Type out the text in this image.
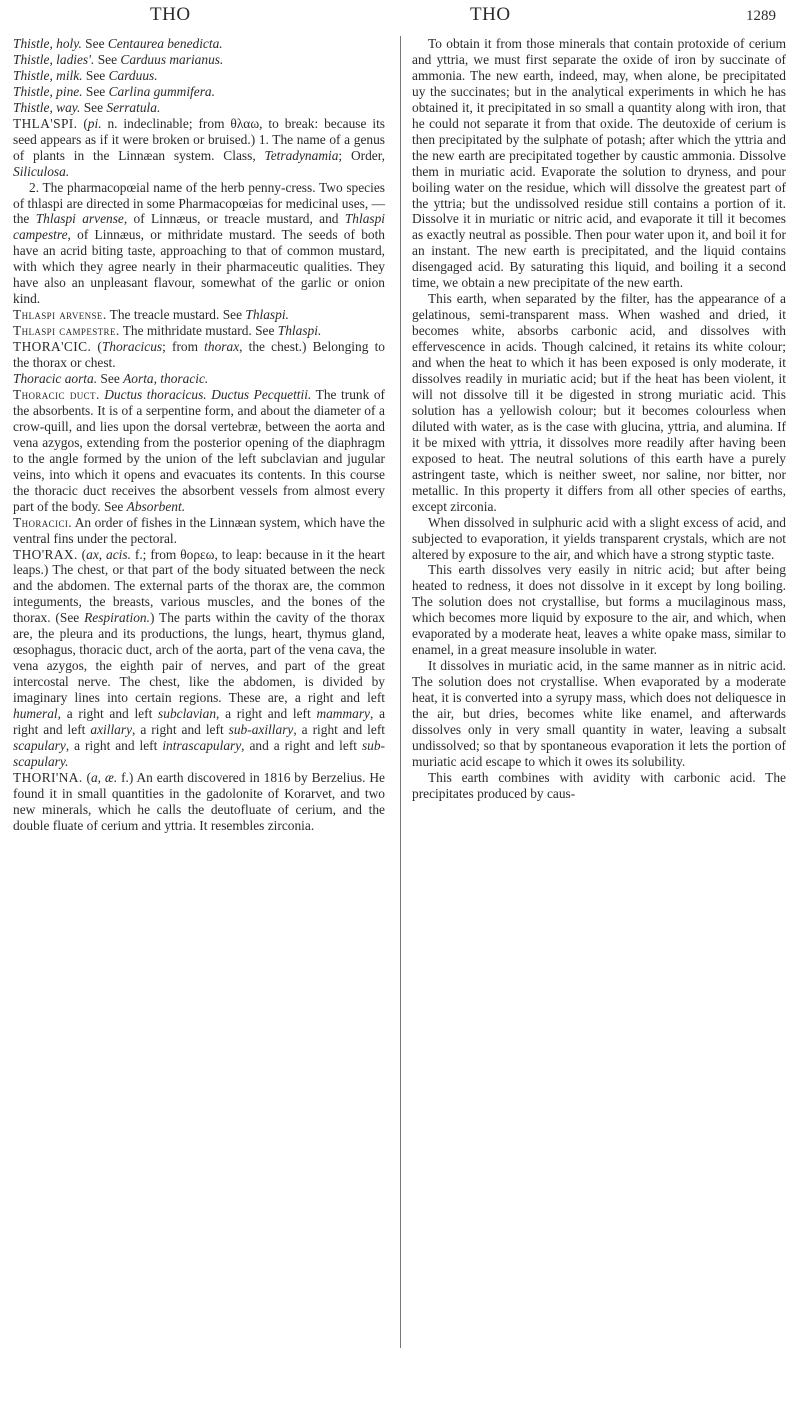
THO	THO	1289

Thistle, holy. See Centaurea benedicta.

Thistle, ladies'. See Carduus marianus.

Thistle, milk. See Carduus.

Thistle, pine. See Carlina gummifera.

Thistle, way. See Serratula.

THLA'SPI. (pi. n. indeclinable; from θλαω, to break: because its seed appears as if it were broken or bruised.) 1. The name of a genus of plants in the Linnæan system. Class, Tetradynamia; Order, Siliculosa.

2. The pharmacopœial name of the herb penny-cress. Two species of thlaspi are directed in some Pharmacopœias for medicinal uses, — the Thlaspi arvense, of Linnæus, or treacle mustard, and Thlaspi campestre, of Linnæus, or mithridate mustard. The seeds of both have an acrid biting taste, approaching to that of common mustard, with which they agree nearly in their pharmaceutic qualities. They have also an unpleasant flavour, somewhat of the garlic or onion kind.

Thlaspi arvense. The treacle mustard. See Thlaspi.

Thlaspi campestre. The mithridate mustard. See Thlaspi.

THORA'CIC. (Thoracicus; from thorax, the chest.) Belonging to the thorax or chest.

Thoracic aorta. See Aorta, thoracic.

Thoracic duct. Ductus thoracicus. Ductus Pecquettii. The trunk of the absorbents. It is of a serpentine form, and about the diameter of a crow-quill, and lies upon the dorsal vertebræ, between the aorta and vena azygos, extending from the posterior opening of the diaphragm to the angle formed by the union of the left subclavian and jugular veins, into which it opens and evacuates its contents. In this course the thoracic duct receives the absorbent vessels from almost every part of the body. See Absorbent.

Thoracici. An order of fishes in the Linnæan system, which have the ventral fins under the pectoral.

THO'RAX. (ax, acis. f.; from θορεω, to leap: because in it the heart leaps.) The chest, or that part of the body situated between the neck and the abdomen. The external parts of the thorax are, the common integuments, the breasts, various muscles, and the bones of the thorax. (See Respiration.) The parts within the cavity of the thorax are, the pleura and its productions, the lungs, heart, thymus gland, œsophagus, thoracic duct, arch of the aorta, part of the vena cava, the vena azygos, the eighth pair of nerves, and part of the great intercostal nerve. The chest, like the abdomen, is divided by imaginary lines into certain regions. These are, a right and left humeral, a right and left subclavian, a right and left mammary, a right and left axillary, a right and left sub-axillary, a right and left scapulary, a right and left intrascapulary, and a right and left sub-scapulary.

THORI'NA. (a, æ. f.) An earth discovered in 1816 by Berzelius. He found it in small quantities in the gadolonite of Korarvet, and two new minerals, which he calls the deutofluate of cerium, and the double fluate of cerium and yttria. It resembles zirconia.

To obtain it from those minerals that contain protoxide of cerium and yttria, we must first separate the oxide of iron by succinate of ammonia. The new earth, indeed, may, when alone, be precipitated uy the succinates; but in the analytical experiments in which he has obtained it, it precipitated in so small a quantity along with iron, that he could not separate it from that oxide. The deutoxide of cerium is then precipitated by the sulphate of potash; after which the yttria and the new earth are precipitated together by caustic ammonia. Dissolve them in muriatic acid. Evaporate the solution to dryness, and pour boiling water on the residue, which will dissolve the greatest part of the yttria; but the undissolved residue still contains a portion of it. Dissolve it in muriatic or nitric acid, and evaporate it till it becomes as exactly neutral as possible. Then pour water upon it, and boil it for an instant. The new earth is precipitated, and the liquid contains disengaged acid. By saturating this liquid, and boiling it a second time, we obtain a new precipitate of the new earth.

This earth, when separated by the filter, has the appearance of a gelatinous, semi-transparent mass. When washed and dried, it becomes white, absorbs carbonic acid, and dissolves with effervescence in acids. Though calcined, it retains its white colour; and when the heat to which it has been exposed is only moderate, it dissolves readily in muriatic acid; but if the heat has been violent, it will not dissolve till it be digested in strong muriatic acid. This solution has a yellowish colour; but it becomes colourless when diluted with water, as is the case with glucina, yttria, and alumina. If it be mixed with yttria, it dissolves more readily after having been exposed to heat. The neutral solutions of this earth have a purely astringent taste, which is neither sweet, nor saline, nor bitter, nor metallic. In this property it differs from all other species of earths, except zirconia.

When dissolved in sulphuric acid with a slight excess of acid, and subjected to evaporation, it yields transparent crystals, which are not altered by exposure to the air, and which have a strong styptic taste.

This earth dissolves very easily in nitric acid; but after being heated to redness, it does not dissolve in it except by long boiling. The solution does not crystallise, but forms a mucilaginous mass, which becomes more liquid by exposure to the air, and which, when evaporated by a moderate heat, leaves a white opake mass, similar to enamel, in a great measure insoluble in water.

It dissolves in muriatic acid, in the same manner as in nitric acid. The solution does not crystallise. When evaporated by a moderate heat, it is converted into a syrupy mass, which does not deliquesce in the air, but dries, becomes white like enamel, and afterwards dissolves only in very small quantity in water, leaving a subsalt undissolved; so that by spontaneous evaporation it lets the portion of muriatic acid escape to which it owes its solubility.

This earth combines with avidity with carbonic acid. The precipitates produced by caus-
